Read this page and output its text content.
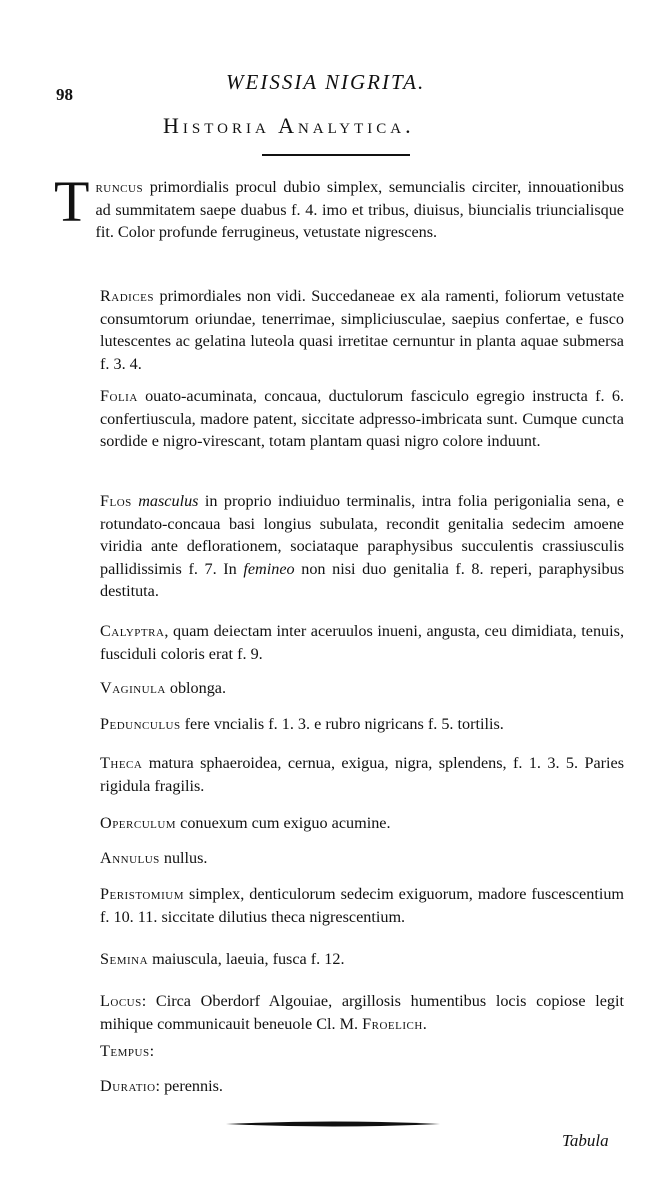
98
WEISSIA NIGRITA.
Historia Analytica.
Truncus primordialis procul dubio simplex, semuncialis circiter, innouationibus ad summitatem saepe duabus f. 4. imo et tribus, diuisus, biuncialis triuncialisque fit. Color profunde ferrugineus, vetustate nigrescens.
Radices primordiales non vidi. Succedaneae ex ala ramenti, foliorum vetustate consumtorum oriundae, tenerrimae, simpliciusculae, saepius confertae, e fusco lutescentes ac gelatina luteola quasi irretitae cernuntur in planta aquae submersa f. 3. 4.
Folia ouato-acuminata, concaua, ductulorum fasciculo egregio instructa f. 6. confertiuscula, madore patent, siccitate adpresso-imbricata sunt. Cumque cuncta sordide e nigro-virescant, totam plantam quasi nigro colore induunt.
Flos masculus in proprio indiuiduo terminalis, intra folia perigonialia sena, e rotundato-concaua basi longius subulata, recondit genitalia sedecim amoene viridia ante deflorationem, sociataque paraphysibus succulentis crassiusculis pallidissimis f. 7. In femineo non nisi duo genitalia f. 8. reperi, paraphysibus destituta.
Calyptra, quam deiectam inter aceruulos inueni, angusta, ceu dimidiata, tenuis, fusciduli coloris erat f. 9.
Vaginula oblonga.
Pedunculus fere vncialis f. 1. 3. e rubro nigricans f. 5. tortilis.
Theca matura sphaeroidea, cernua, exigua, nigra, splendens, f. 1. 3. 5. Paries rigidula fragilis.
Operculum conuexum cum exiguo acumine.
Annulus nullus.
Peristomium simplex, denticulorum sedecim exiguorum, madore fuscescentium f. 10. 11. siccitate dilutius theca nigrescentium.
Semina maiuscula, laeuia, fusca f. 12.
Locus: Circa Oberdorf Algouiae, argillosis humentibus locis copiose legit mihique communicauit beneuole Cl. M. Froelich.
Tempus:
Duratio: perennis.
Tabula
